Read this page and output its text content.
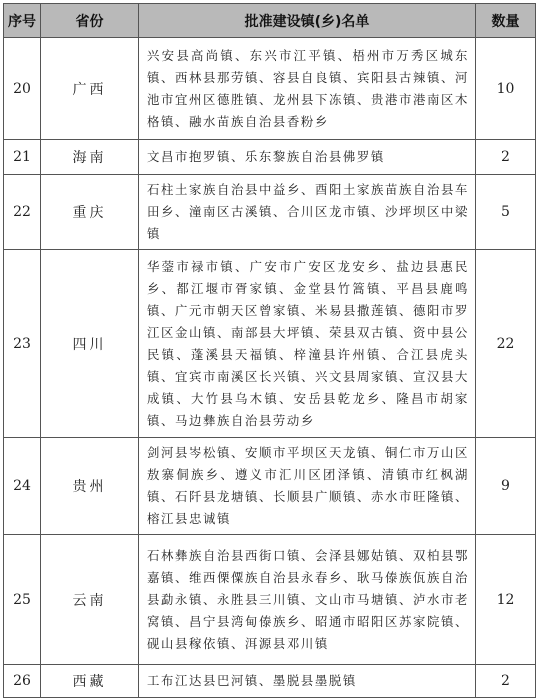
序号	省份	批准建设镇(乡)名单	数量
20	广西	兴安县高尚镇、东兴市江平镇、梧州市万秀区城东镇、西林县那劳镇、容县自良镇、宾阳县古辣镇、河池市宜州区德胜镇、龙州县下冻镇、贵港市港南区木格镇、融水苗族自治县香粉乡	10
21	海南	文昌市抱罗镇、乐东黎族自治县佛罗镇	2
22	重庆	石柱土家族自治县中益乡、酉阳土家族苗族自治县车田乡、潼南区古溪镇、合川区龙市镇、沙坪坝区中梁镇	5
23	四川	华蓥市禄市镇、广安市广安区龙安乡、盐边县惠民乡、都江堰市胥家镇、金堂县竹篙镇、平昌县鹿鸣镇、广元市朝天区曾家镇、米易县撒莲镇、德阳市罗江区金山镇、南部县大坪镇、荣县双古镇、资中县公民镇、蓬溪县天福镇、梓潼县许州镇、合江县虎头镇、宜宾市南溪区长兴镇、兴文县周家镇、宣汉县大成镇、大竹县乌木镇、安岳县乾龙乡、隆昌市胡家镇、马边彝族自治县劳动乡	22
24	贵州	剑河县岑松镇、安顺市平坝区天龙镇、铜仁市万山区敖寨侗族乡、遵义市汇川区团泽镇、清镇市红枫湖镇、石阡县龙塘镇、长顺县广顺镇、赤水市旺隆镇、榕江县忠诚镇	9
25	云南	石林彝族自治县西街口镇、会泽县娜姑镇、双柏县鄂嘉镇、维西傈僳族自治县永春乡、耿马傣族佤族自治县勐永镇、永胜县三川镇、文山市马塘镇、泸水市老窝镇、昌宁县湾甸傣族乡、昭通市昭阳区苏家院镇、砚山县稼依镇、洱源县邓川镇	12
26	西藏	工布江达县巴河镇、墨脱县墨脱镇	2
